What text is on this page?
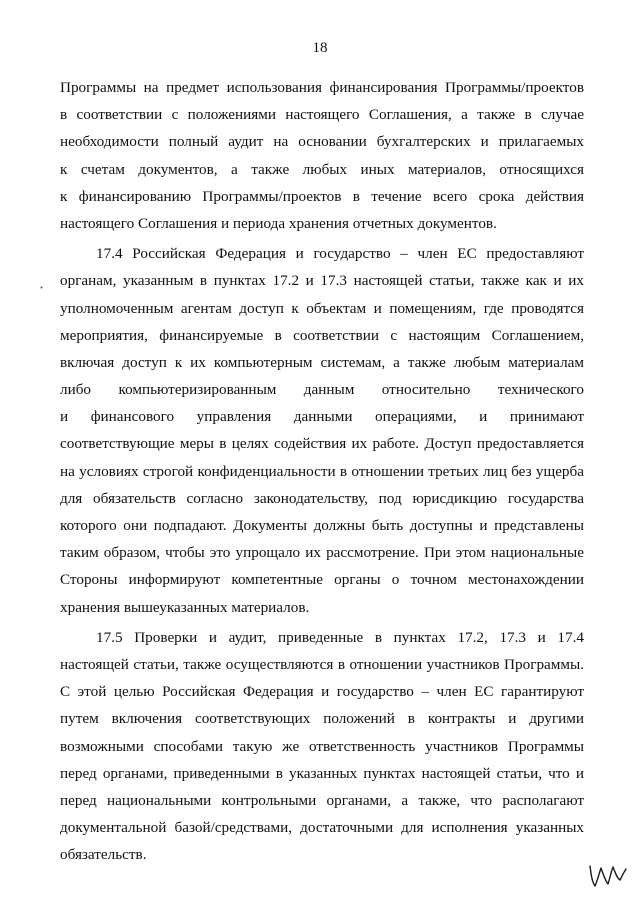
18
Программы на предмет использования финансирования Программы/проектов
в соответствии с положениями настоящего Соглашения, а также в случае
необходимости полный аудит на основании бухгалтерских и прилагаемых
к счетам документов, а также любых иных материалов, относящихся
к финансированию Программы/проектов в течение всего срока действия
настоящего Соглашения и периода хранения отчетных документов.
17.4 Российская Федерация и государство – член ЕС предоставляют
органам, указанным в пунктах 17.2 и 17.3 настоящей статьи, также как и их
уполномоченным агентам доступ к объектам и помещениям, где проводятся
мероприятия, финансируемые в соответствии с настоящим Соглашением,
включая доступ к их компьютерным системам, а также любым материалам
либо компьютеризированным данным относительно технического
и финансового управления данными операциями, и принимают
соответствующие меры в целях содействия их работе. Доступ предоставляется
на условиях строгой конфиденциальности в отношении третьих лиц без ущерба
для обязательств согласно законодательству, под юрисдикцию государства
которого они подпадают. Документы должны быть доступны и представлены
таким образом, чтобы это упрощало их рассмотрение. При этом национальные
Стороны информируют компетентные органы о точном местонахождении
хранения вышеуказанных материалов.
17.5 Проверки и аудит, приведенные в пунктах 17.2, 17.3 и 17.4
настоящей статьи, также осуществляются в отношении участников Программы.
С этой целью Российская Федерация и государство – член ЕС гарантируют
путем включения соответствующих положений в контракты и другими
возможными способами такую же ответственность участников Программы
перед органами, приведенными в указанных пунктах настоящей статьи, что и
перед национальными контрольными органами, а также, что располагают
документальной базой/средствами, достаточными для исполнения указанных
обязательств.
